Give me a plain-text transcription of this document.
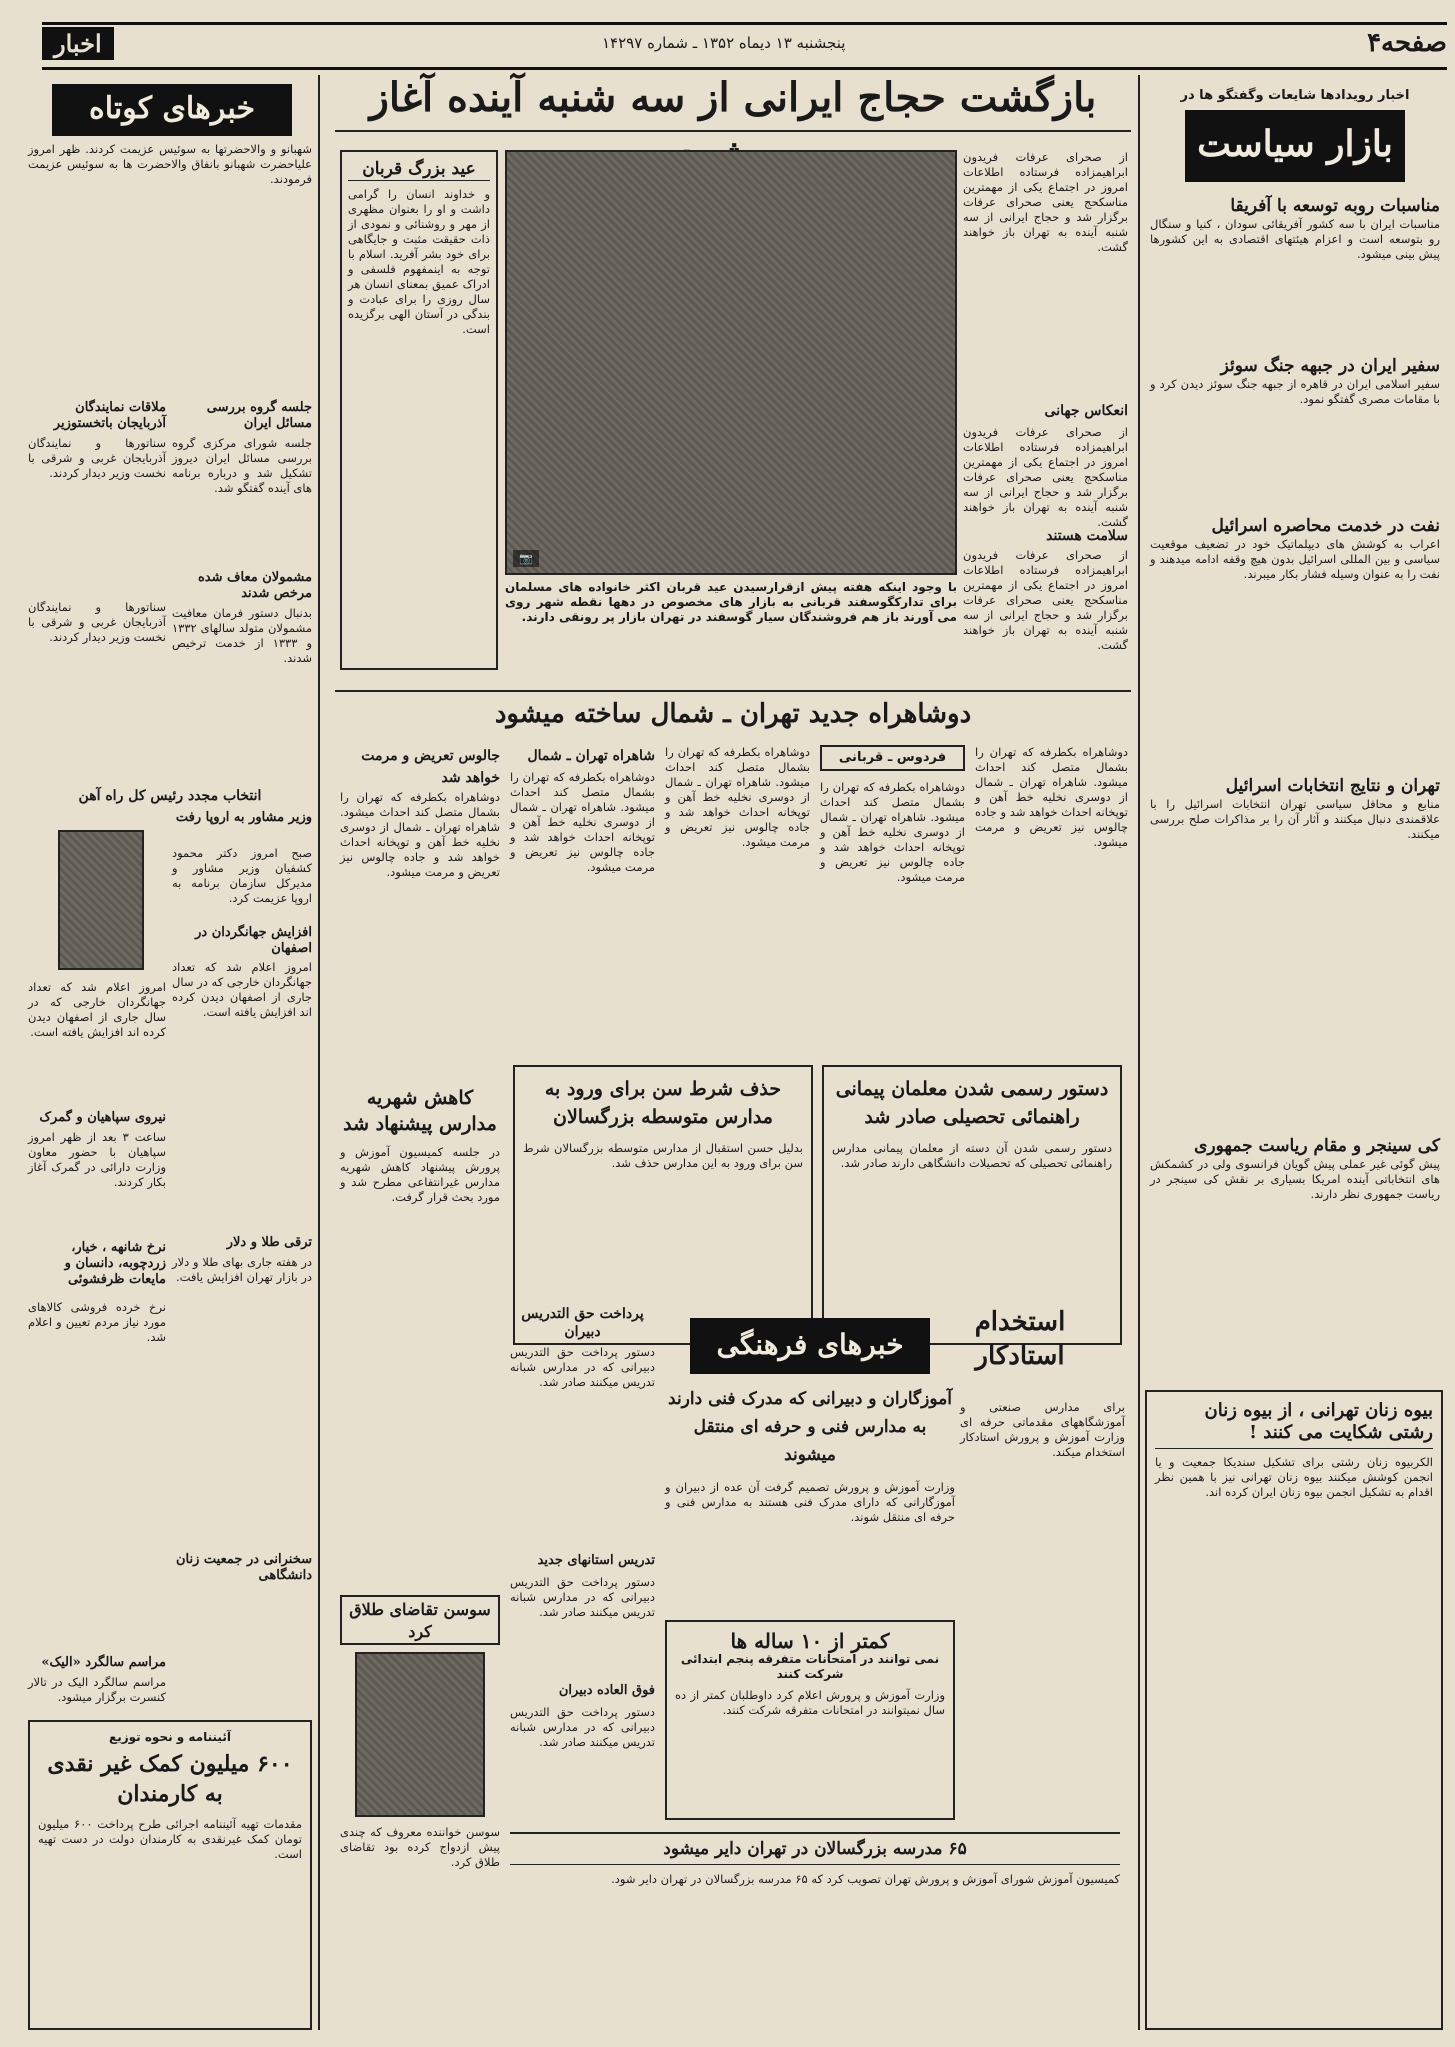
صفحه۴
پنجشنبه ۱۳ دیماه ۱۳۵۲ ـ شماره ۱۴۲۹۷
اخبار
بازگشت حجاج ایرانی از سه شنبه آینده آغاز
📷
با وجود اینکه هفته پیش ازقرارسیدن عید قربان اکثر خانواده های مسلمان برای تدارکگوسفند قربانی به بازار های مخصوص در دهها نقطه شهر روی می آورند باز هم فروشندگان سیار گوسفند در تهران بازار پر رونقی دارند.
از صحرای عرفات فریدون ابراهیمزاده فرستاده اطلاعات امروز در اجتماع یکی از مهمترین مناسکحج یعنی صحرای عرفات برگزار شد و حجاج ایرانی از سه شنبه آینده به تهران باز خواهند گشت.
انعکاس جهانی
از صحرای عرفات فریدون ابراهیمزاده فرستاده اطلاعات امروز در اجتماع یکی از مهمترین مناسکحج یعنی صحرای عرفات برگزار شد و حجاج ایرانی از سه شنبه آینده به تهران باز خواهند گشت.
سلامت هستند
از صحرای عرفات فریدون ابراهیمزاده فرستاده اطلاعات امروز در اجتماع یکی از مهمترین مناسکحج یعنی صحرای عرفات برگزار شد و حجاج ایرانی از سه شنبه آینده به تهران باز خواهند گشت.
عید بزرگ قربان
و خداوند انسان را گرامی داشت و او را بعنوان مظهری از مهر و روشنائی و نمودی از ذات حقیقت مثبت و جایگاهی برای خود بشر آفرید. اسلام با توجه به اینمفهوم فلسفی و ادراک عمیق بمعنای انسان هر سال روزی را برای عبادت و بندگی در آستان الهی برگزیده است.
دوشاهراه جدید تهران ـ شمال ساخته میشود
فردوس ـ قربانی	دوشاهراه بکطرفه که تهران را بشمال متصل کند احداث میشود. شاهراه تهران ـ شمال از دوسری نخلیه خط آهن و توپخانه احداث خواهد شد و جاده چالوس نیز تعریض و مرمت میشود.
دوشاهراه بکطرفه که تهران را بشمال متصل کند احداث میشود. شاهراه تهران ـ شمال از دوسری نخلیه خط آهن و توپخانه احداث خواهد شد و جاده چالوس نیز تعریض و مرمت میشود.
دوشاهراه بکطرفه که تهران را بشمال متصل کند احداث میشود. شاهراه تهران ـ شمال از دوسری نخلیه خط آهن و توپخانه احداث خواهد شد و جاده چالوس نیز تعریض و مرمت میشود.
شاهراه تهران ـ شمال
دوشاهراه بکطرفه که تهران را بشمال متصل کند احداث میشود. شاهراه تهران ـ شمال از دوسری نخلیه خط آهن و توپخانه احداث خواهد شد و جاده چالوس نیز تعریض و مرمت میشود.
جالوس تعریض و مرمت خواهد شد
دوشاهراه بکطرفه که تهران را بشمال متصل کند احداث میشود. شاهراه تهران ـ شمال از دوسری نخلیه خط آهن و توپخانه احداث خواهد شد و جاده چالوس نیز تعریض و مرمت میشود.
اخبار رویدادها شایعات وگفتگو ها در
بازار سیاست
مناسبات روبه توسعه با آفریقا
مناسبات ایران با سه کشور آفریقائی سودان ، کنیا و سنگال رو بتوسعه است و اعزام هیئتهای اقتصادی به این کشورها پیش بینی میشود.
سفیر ایران در جبهه جنگ سوئز
سفیر اسلامی ایران در قاهره از جبهه جنگ سوئز دیدن کرد و با مقامات مصری گفتگو نمود.
نفت در خدمت محاصره اسرائیل
اعراب به کوشش های دیپلماتیک خود در تضعیف موقعیت سیاسی و بین المللی اسرائیل بدون هیچ وقفه ادامه میدهند و نفت را به عنوان وسیله فشار بکار میبرند.
تهران و نتایج انتخابات اسرائیل
منابع و محافل سیاسی تهران انتخابات اسرائیل را با علاقمندی دنبال میکنند و آثار آن را بر مذاکرات صلح بررسی میکنند.
کی سینجر و مقام ریاست جمهوری
پیش گوئی غیر عملی پیش گویان فرانسوی ولی در کشمکش های انتخاباتی آینده امریکا بسیاری بر نقش کی سینجر در ریاست جمهوری نظر دارند.
بیوه زنان تهرانی ، از بیوه زنان رشتی شکایت می کنند !
الکربیوه زنان رشتی برای تشکیل سندیکا جمعیت و یا انجمن کوشش میکنند بیوه زنان تهرانی نیز با همین نظر اقدام به تشکیل انجمن بیوه زنان ایران کرده اند.
خبرهای کوتاه
شهبانو و والاحضرتها به سوئیس عزیمت کردند. ظهر امروز علیاحضرت شهبانو بانفاق والاحضرت ها به سوئیس عزیمت فرمودند.
جلسه گروه بررسی مسائل ایران
جلسه شورای مرکزی گروه بررسی مسائل ایران دیروز تشکیل شد و درباره برنامه های آینده گفتگو شد.
ملاقات نمایندگان آذربایجان باتخستوزیر
سناتورها و نمایندگان آذربایجان غربی و شرقی با نخست وزیر دیدار کردند.
مشمولان معاف شده مرخص شدند
بدنبال دستور فرمان معافیت مشمولان متولد سالهای ۱۳۳۲ و ۱۳۳۳ از خدمت ترخیص شدند.
سناتورها و نمایندگان آذربایجان غربی و شرقی با نخست وزیر دیدار کردند.
انتخاب مجدد رئیس کل راه آهن
وزیر مشاور به اروپا رفت
صبح امروز دکتر محمود کشفیان وزیر مشاور و مدیرکل سازمان برنامه به اروپا عزیمت کرد.
افزایش جهانگردان در اصفهان
امروز اعلام شد که تعداد جهانگردان خارجی که در سال جاری از اصفهان دیدن کرده اند افزایش یافته است.
امروز اعلام شد که تعداد جهانگردان خارجی که در سال جاری از اصفهان دیدن کرده اند افزایش یافته است.
نیروی سپاهیان و گمرک
ساعت ۳ بعد از ظهر امروز سپاهیان با حضور معاون وزارت دارائی در گمرک آغاز بکار کردند.
ترقی طلا و دلار
در هفته جاری بهای طلا و دلار در بازار تهران افزایش یافت.
نرخ شانهه ، خیار، زردچوبه، دانسان و مایعات ظرفشوئی
نرخ خرده فروشی کالاهای مورد نیاز مردم تعیین و اعلام شد.
سخنرانی در جمعیت زنان دانشگاهی
مراسم سالگرد «الیک»
مراسم سالگرد الیک در تالار کنسرت برگزار میشود.
آئیننامه و نحوه توزیع
۶۰۰ میلیون کمک غیر نقدی به کارمندان
مقدمات تهیه آئیننامه اجرائی طرح پرداخت ۶۰۰ میلیون تومان کمک غیرنقدی به کارمندان دولت در دست تهیه است.
کاهش شهریه مدارس پیشنهاد شد
در جلسه کمیسیون آموزش و پرورش پیشنهاد کاهش شهریه مدارس غیرانتفاعی مطرح شد و مورد بحث قرار گرفت.
دستور رسمی شدن معلمان پیمانی راهنمائی تحصیلی صادر شد
دستور رسمی شدن آن دسته از معلمان پیمانی مدارس راهنمائی تحصیلی که تحصیلات دانشگاهی دارند صادر شد.
حذف شرط سن برای ورود به مدارس متوسطه بزرگسالان
بدلیل حسن استقبال از مدارس متوسطه بزرگسالان شرط سن برای ورود به این مدارس حذف شد.
استخدام استادکار
برای مدارس صنعتی و آموزشگاههای مقدماتی حرفه ای وزارت آموزش و پرورش استادکار استخدام میکند.
خبرهای فرهنگی
آموزگاران و دبیرانی که مدرک فنی دارند به مدارس فنی و حرفه ای منتقل میشوند
وزارت آموزش و پرورش تصمیم گرفت آن عده از دبیران و آموزگارانی که دارای مدرک فنی هستند به مدارس فنی و حرفه ای منتقل شوند.
کمتر از ۱۰ ساله ها
نمی توانند در امتحانات متفرقه پنجم ابتدائی شرکت کنند
وزارت آموزش و پرورش اعلام کرد داوطلبان کمتر از ده سال نمیتوانند در امتحانات متفرقه شرکت کنند.
پرداخت حق التدریس دبیران
دستور پرداخت حق التدریس دبیرانی که در مدارس شبانه تدریس میکنند صادر شد.
تدریس استانهای جدید
دستور پرداخت حق التدریس دبیرانی که در مدارس شبانه تدریس میکنند صادر شد.
فوق العاده دبیران
دستور پرداخت حق التدریس دبیرانی که در مدارس شبانه تدریس میکنند صادر شد.
سوسن تقاضای طلاق کرد
سوسن خواننده معروف که چندی پیش ازدواج کرده بود تقاضای طلاق کرد.
۶۵ مدرسه بزرگسالان در تهران دایر میشود
کمیسیون آموزش شورای آموزش و پرورش تهران تصویب کرد که ۶۵ مدرسه بزرگسالان در تهران دایر شود.
